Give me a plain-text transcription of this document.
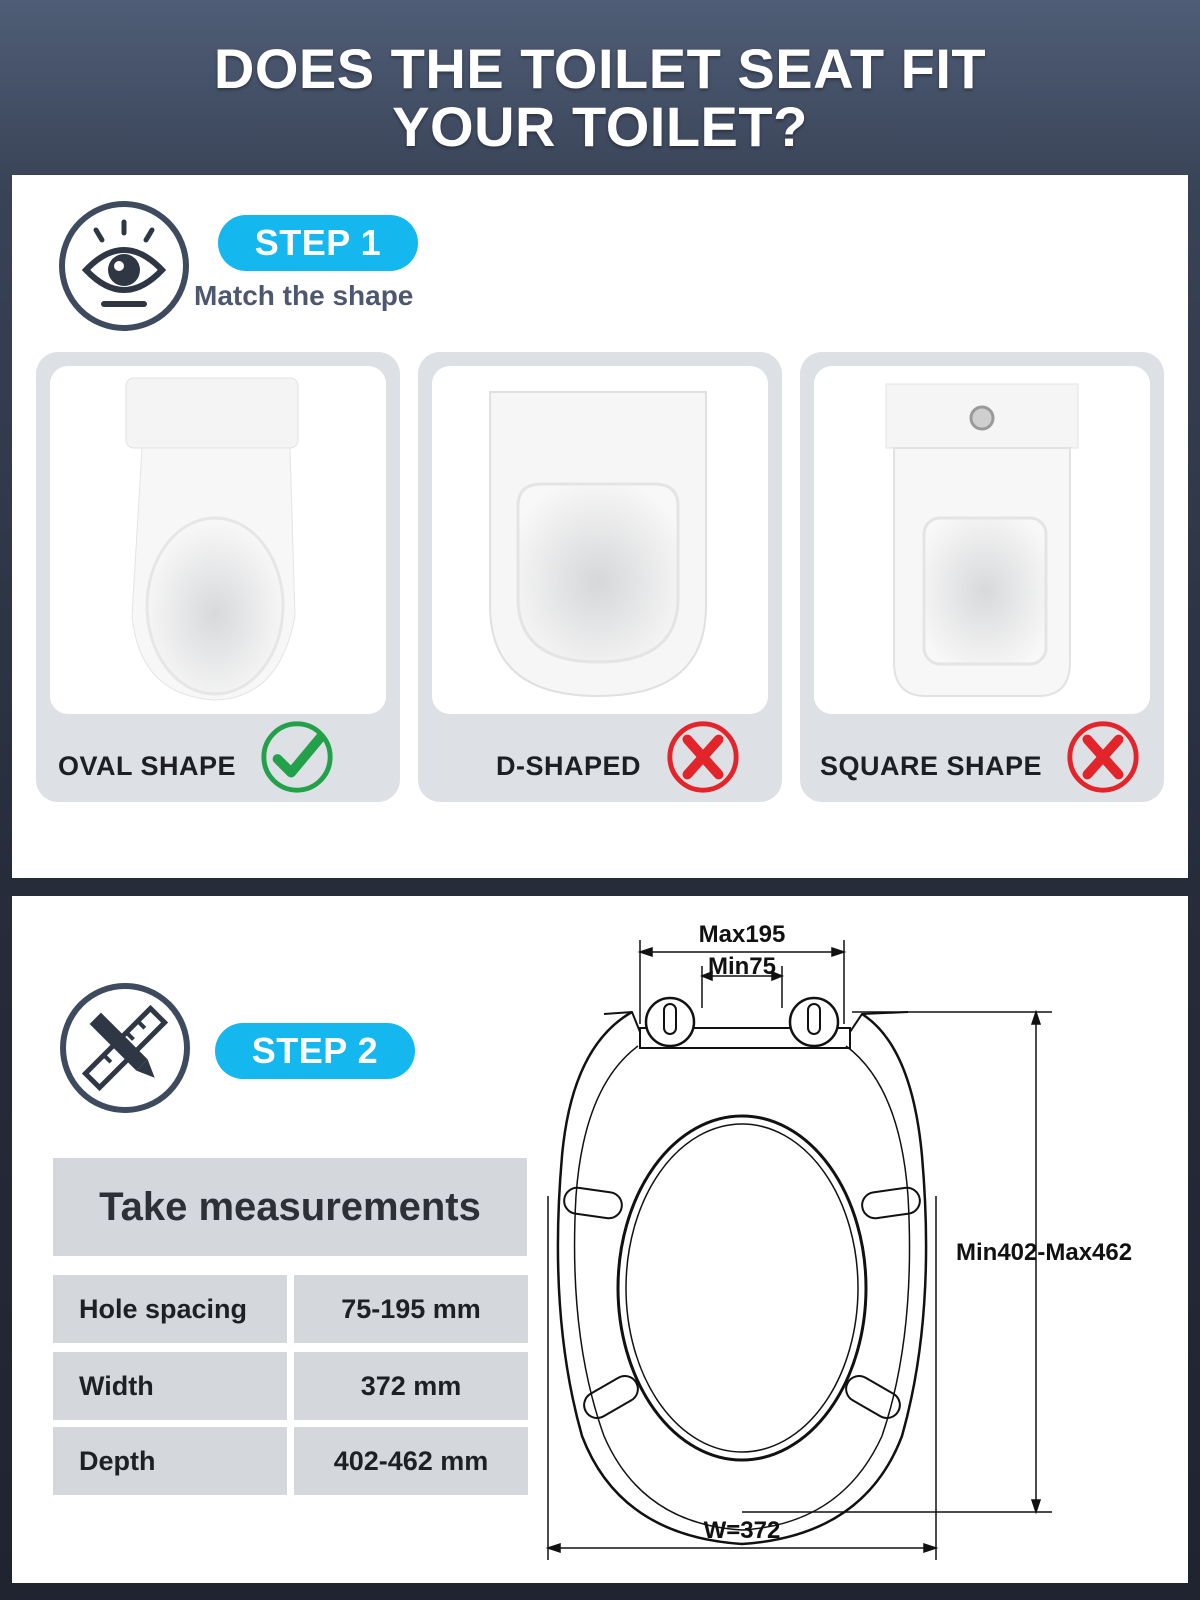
DOES THE TOILET SEAT FIT
YOUR TOILET?
STEP 1
Match the shape
OVAL SHAPE	D-SHAPED	SQUARE SHAPE
STEP 2
Take measurements
Hole spacing	75-195 mm
Width	372 mm
Depth	402-462 mm
Max195
Min75
Min402-Max462
W=372
